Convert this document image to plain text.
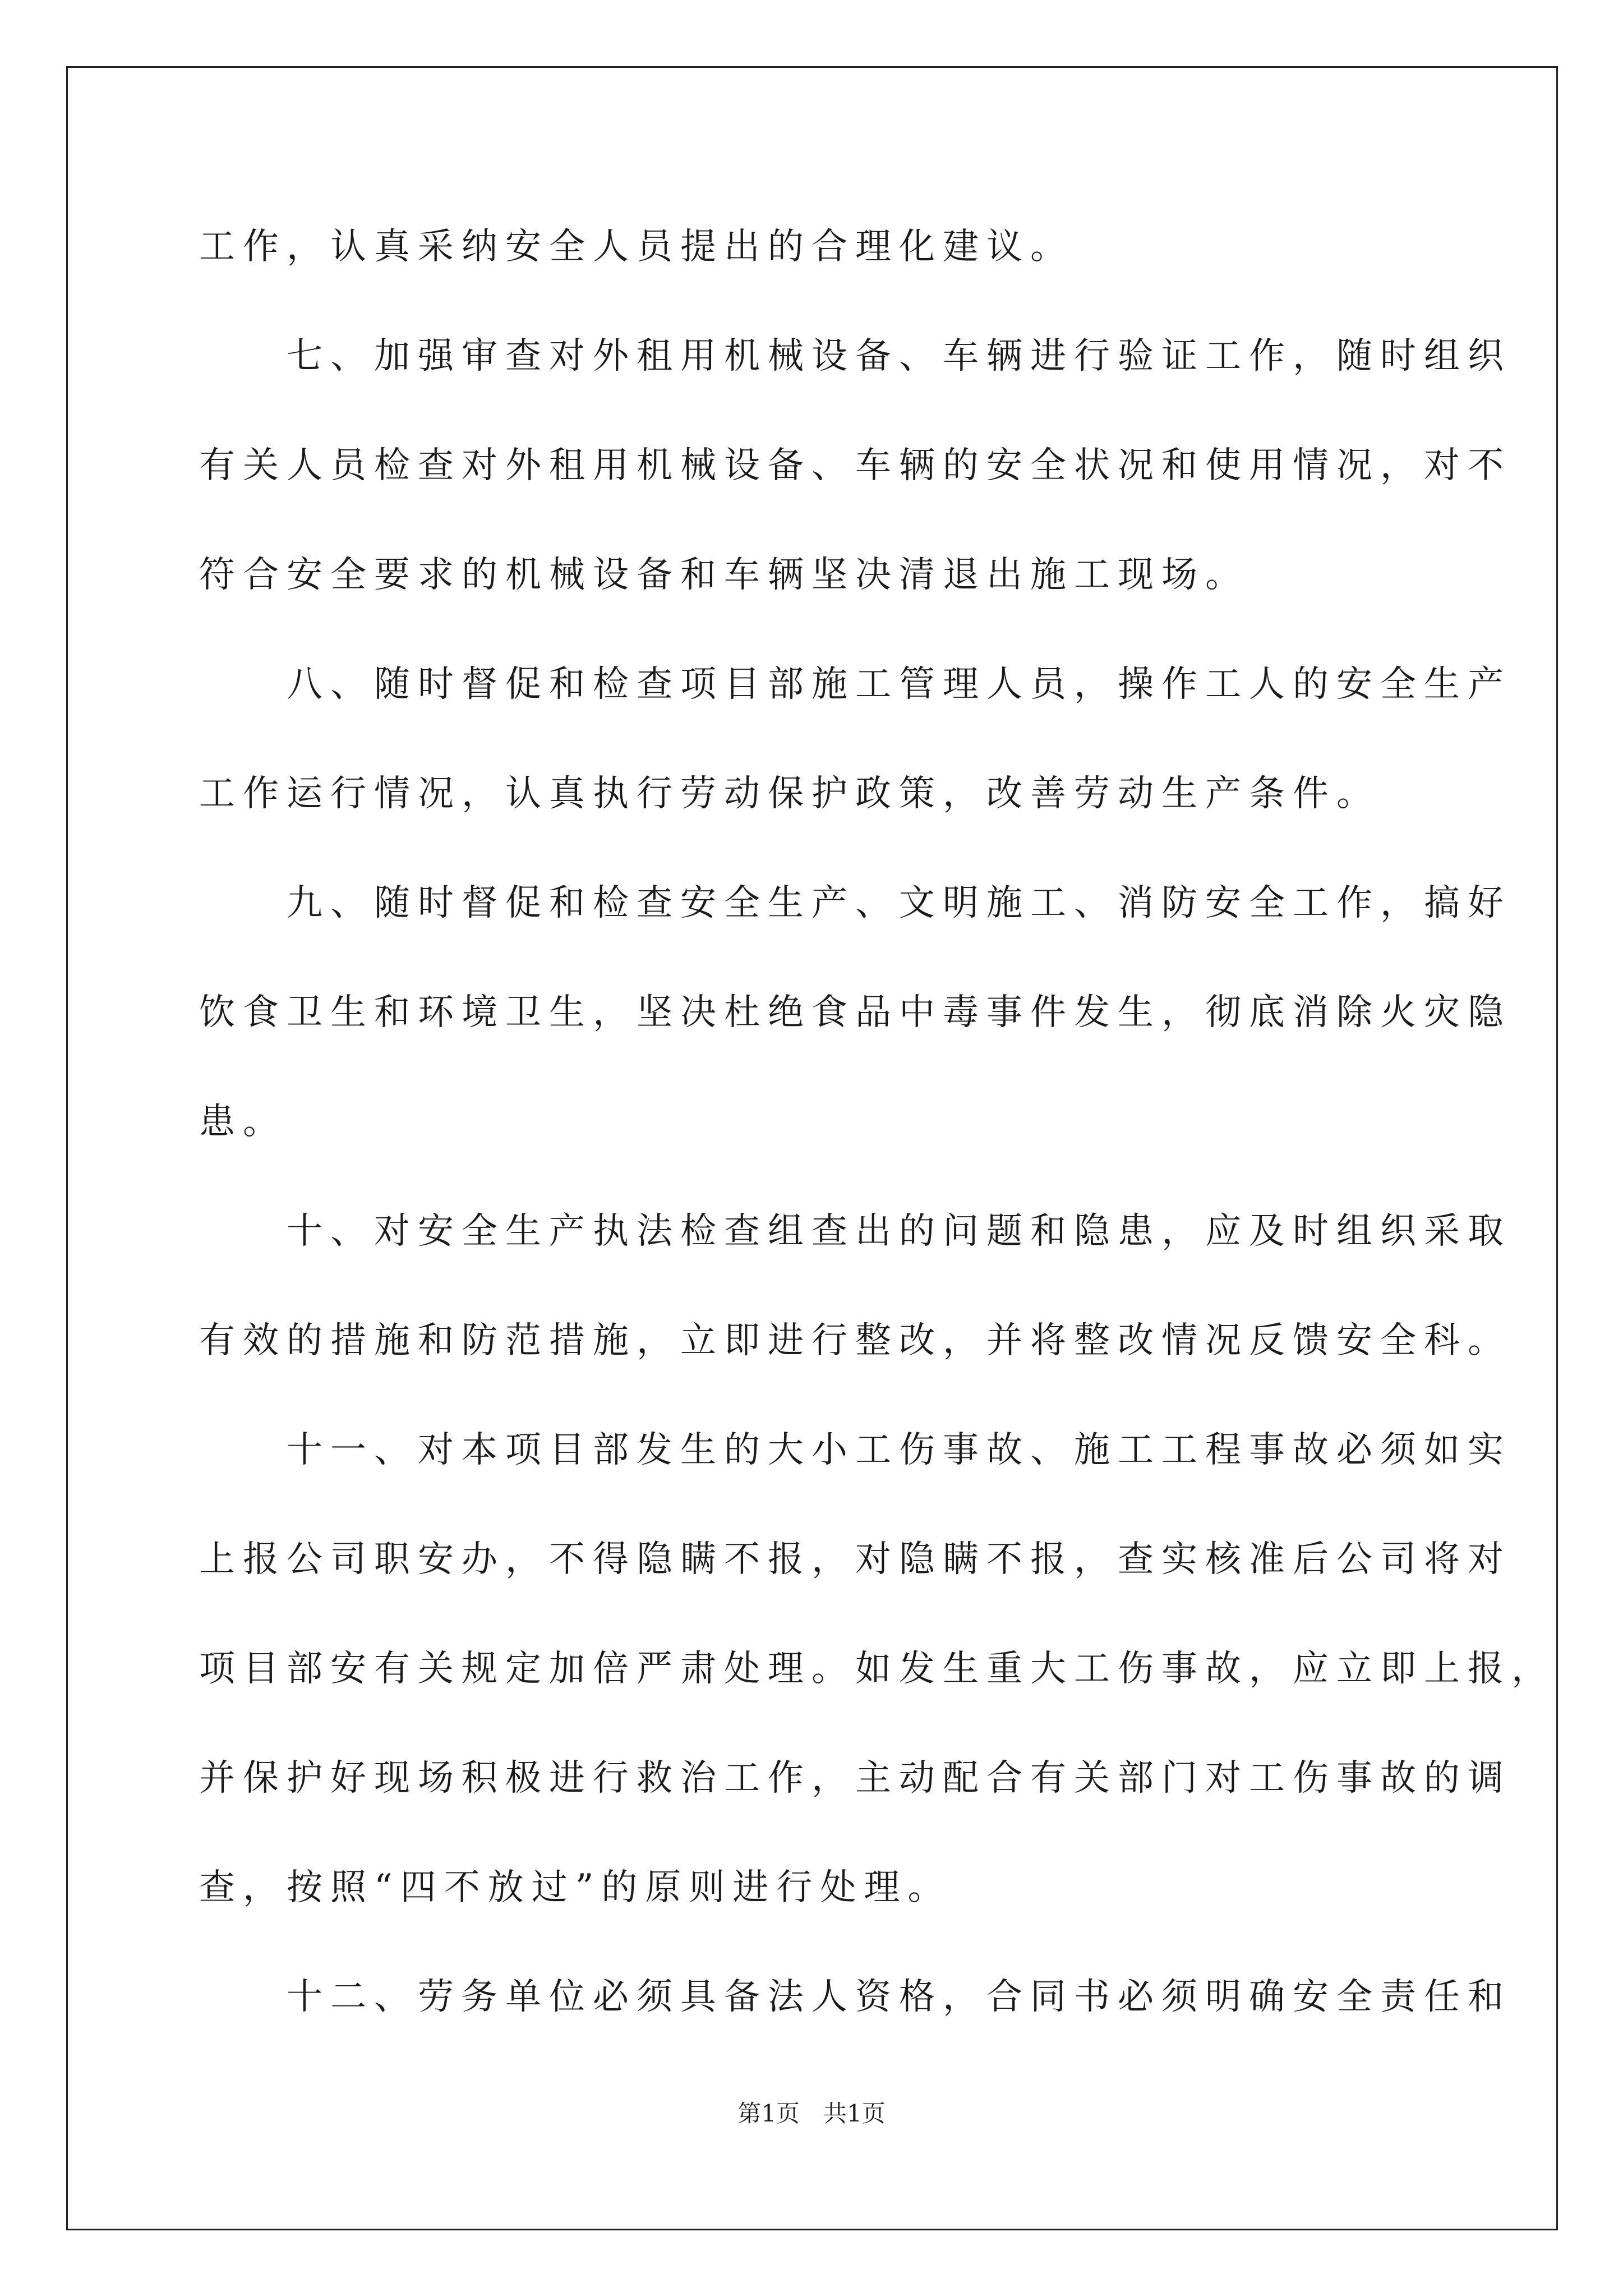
工作，认真采纳安全人员提出的合理化建议。
　　七、加强审查对外租用机械设备、车辆进行验证工作，随时组织
有关人员检查对外租用机械设备、车辆的安全状况和使用情况，对不
符合安全要求的机械设备和车辆坚决清退出施工现场。
　　八、随时督促和检查项目部施工管理人员，操作工人的安全生产
工作运行情况，认真执行劳动保护政策，改善劳动生产条件。
　　九、随时督促和检查安全生产、文明施工、消防安全工作，搞好
饮食卫生和环境卫生，坚决杜绝食品中毒事件发生，彻底消除火灾隐
患。
　　十、对安全生产执法检查组查出的问题和隐患，应及时组织采取
有效的措施和防范措施，立即进行整改，并将整改情况反馈安全科。
　　十一、对本项目部发生的大小工伤事故、施工工程事故必须如实
上报公司职安办，不得隐瞒不报，对隐瞒不报，查实核准后公司将对
项目部安有关规定加倍严肃处理。如发生重大工伤事故，应立即上报，
并保护好现场积极进行救治工作，主动配合有关部门对工伤事故的调
查，按照“四不放过”的原则进行处理。
　　十二、劳务单位必须具备法人资格，合同书必须明确安全责任和
第1页　共1页
